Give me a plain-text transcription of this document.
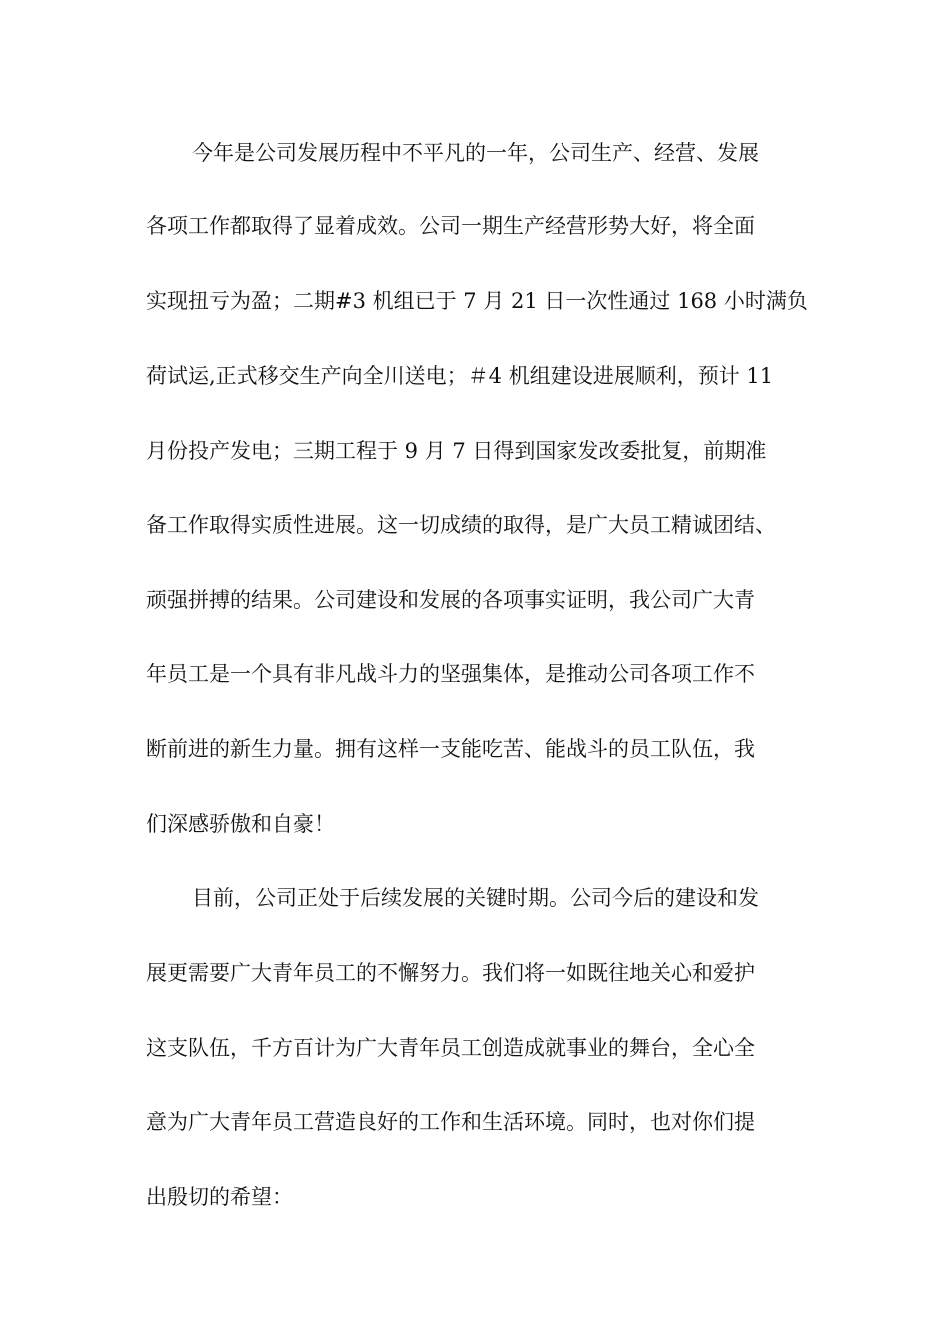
今年是公司发展历程中不平凡的一年，公司生产、经营、发展
各项工作都取得了显着成效。公司一期生产经营形势大好，将全面
实现扭亏为盈；二期#3 机组已于 7 月 21 日一次性通过 168 小时满负
荷试运,正式移交生产向全川送电；＃4 机组建设进展顺利，预计 11
月份投产发电；三期工程于 9 月 7 日得到国家发改委批复，前期准
备工作取得实质性进展。这一切成绩的取得，是广大员工精诚团结、
顽强拼搏的结果。公司建设和发展的各项事实证明，我公司广大青
年员工是一个具有非凡战斗力的坚强集体，是推动公司各项工作不
断前进的新生力量。拥有这样一支能吃苦、能战斗的员工队伍，我
们深感骄傲和自豪！
目前，公司正处于后续发展的关键时期。公司今后的建设和发
展更需要广大青年员工的不懈努力。我们将一如既往地关心和爱护
这支队伍，千方百计为广大青年员工创造成就事业的舞台，全心全
意为广大青年员工营造良好的工作和生活环境。同时，也对你们提
出殷切的希望：
